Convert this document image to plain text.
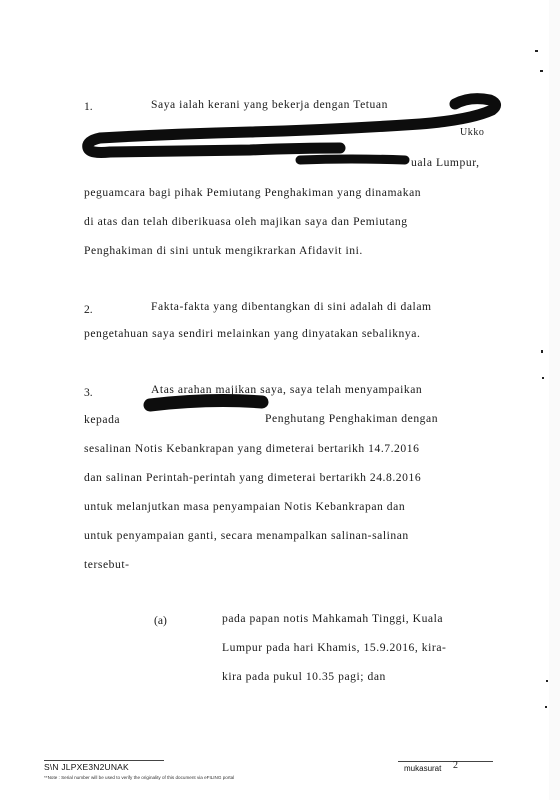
1.	Saya ialah kerani yang bekerja dengan Tetuan
Ukko
uala Lumpur,
peguamcara bagi pihak Pemiutang Penghakiman yang dinamakan
di atas dan telah diberikuasa oleh majikan saya dan Pemiutang
Penghakiman di sini untuk mengikrarkan Afidavit ini.
2.	Fakta-fakta yang dibentangkan di sini adalah di dalam
pengetahuan saya sendiri melainkan yang dinyatakan sebaliknya.
3.	Atas arahan majikan saya, saya telah menyampaikan
kepada	Penghutang Penghakiman dengan
sesalinan Notis Kebankrapan yang dimeterai bertarikh 14.7.2016
dan salinan Perintah-perintah yang dimeterai bertarikh 24.8.2016
untuk melanjutkan masa penyampaian Notis Kebankrapan dan
untuk penyampaian ganti, secara menampalkan salinan-salinan
tersebut-
(a)	pada papan notis Mahkamah Tinggi, Kuala
Lumpur pada hari Khamis, 15.9.2016, kira-
kira pada pukul 10.35 pagi; dan
S\N JLPXE3N2UNAK
**Note : Serial number will be used to verify the originality of this document via eFILING portal
mukasurat 2
